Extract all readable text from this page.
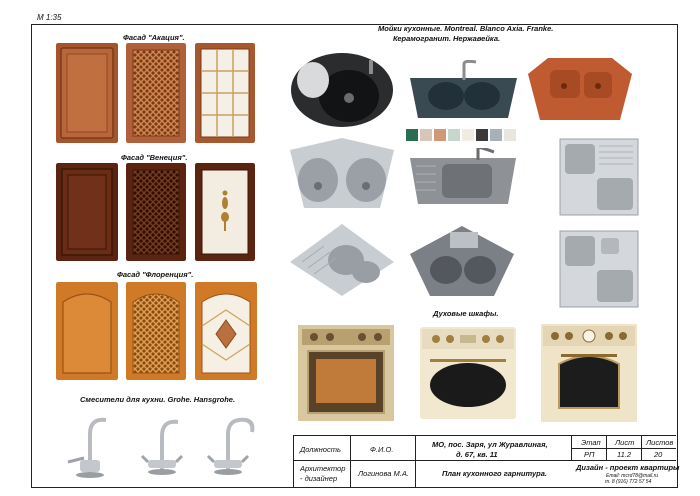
М 1:35
Фасад "Акация".
Фасад "Венеция".
Фасад "Флоренция".
Смесители для кухни. Grohe. Hansgrohe.
Мойки кухонные. Montreal. Blanco Axia. Franke.
Керамогранит. Нержавейка.
Духовые шкафы.
Должность	Ф.И.О.
МО, пос. Заря, ул Журавлиная,
д. 67, кв. 11
Этап Лист Листов
РП	11.2	20
Архитектор
- дизайнер
Логинова М.А.	План кухонного гарнитура.
Дизайн - проект квартиры
Email: mcrd78@mail.ru
т. 8 (916) 772 57 54
